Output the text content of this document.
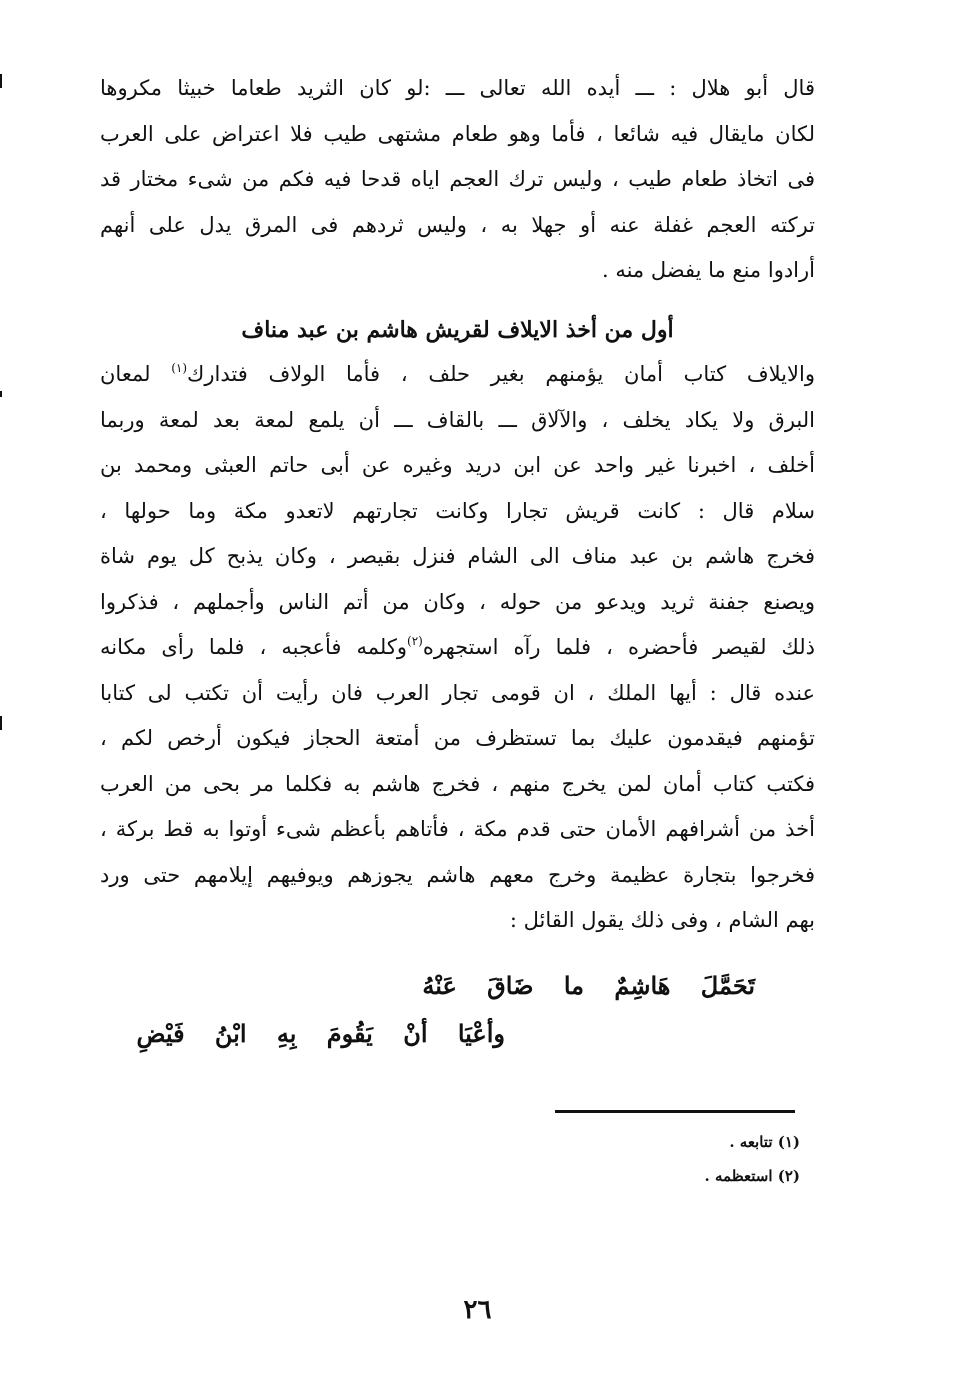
قال أبو هلال : ـــ أيده الله تعالى ـــ :لو كان الثريد طعاما خبيثا مكروها
لكان مايقال فيه شائعا ، فأما وهو طعام مشتهى طيب فلا اعتراض على العرب
فى اتخاذ طعام طيب ، وليس ترك العجم اياه قدحا فيه فكم من شىء مختار قد
تركته العجم غفلة عنه أو جهلا به ، وليس ثردهم فى المرق يدل على أنهم
أرادوا منع ما يفضل منه .
أول من أخذ الايلاف لقريش هاشم بن عبد مناف
والايلاف كتاب أمان يؤمنهم بغير حلف ، فأما الولاف فتدارك$^{(١)}$ لمعان
البرق ولا يكاد يخلف ، والآلاق ـــ بالقاف ـــ أن يلمع لمعة بعد لمعة وربما
أخلف ، اخبرنا غير واحد عن ابن دريد وغيره عن أبى حاتم العبثى ومحمد بن
سلام قال : كانت قريش تجارا وكانت تجارتهم لاتعدو مكة وما حولها ،
فخرج هاشم بن عبد مناف الى الشام فنزل بقيصر ، وكان يذبح كل يوم شاة
ويصنع جفنة ثريد ويدعو من حوله ، وكان من أتم الناس وأجملهم ، فذكروا
ذلك لقيصر فأحضره ، فلما رآه استجهره$^{(٢)}$وكلمه فأعجبه ، فلما رأى مكانه
عنده قال : أيها الملك ، ان قومى تجار العرب فان رأيت أن تكتب لى كتابا
تؤمنهم فيقدمون عليك بما تستظرف من أمتعة الحجاز فيكون أرخص لكم ،
فكتب كتاب أمان لمن يخرج منهم ، فخرج هاشم به فكلما مر بحى من العرب
أخذ من أشرافهم الأمان حتى قدم مكة ، فأتاهم بأعظم شىء أوتوا به قط بركة ،
فخرجوا بتجارة عظيمة وخرج معهم هاشم يجوزهم ويوفيهم إيلامهم حتى ورد
بهم الشام ، وفى ذلك يقول القائل :
تَحَمَّلَ هَاشِمٌ ما ضَاقَ عَنْهُ
وأعْيَا أنْ يَقُومَ بِهِ ابْنُ فَيْضِ
(١) تتابعه .
(٢) استعظمه .
٢٦
